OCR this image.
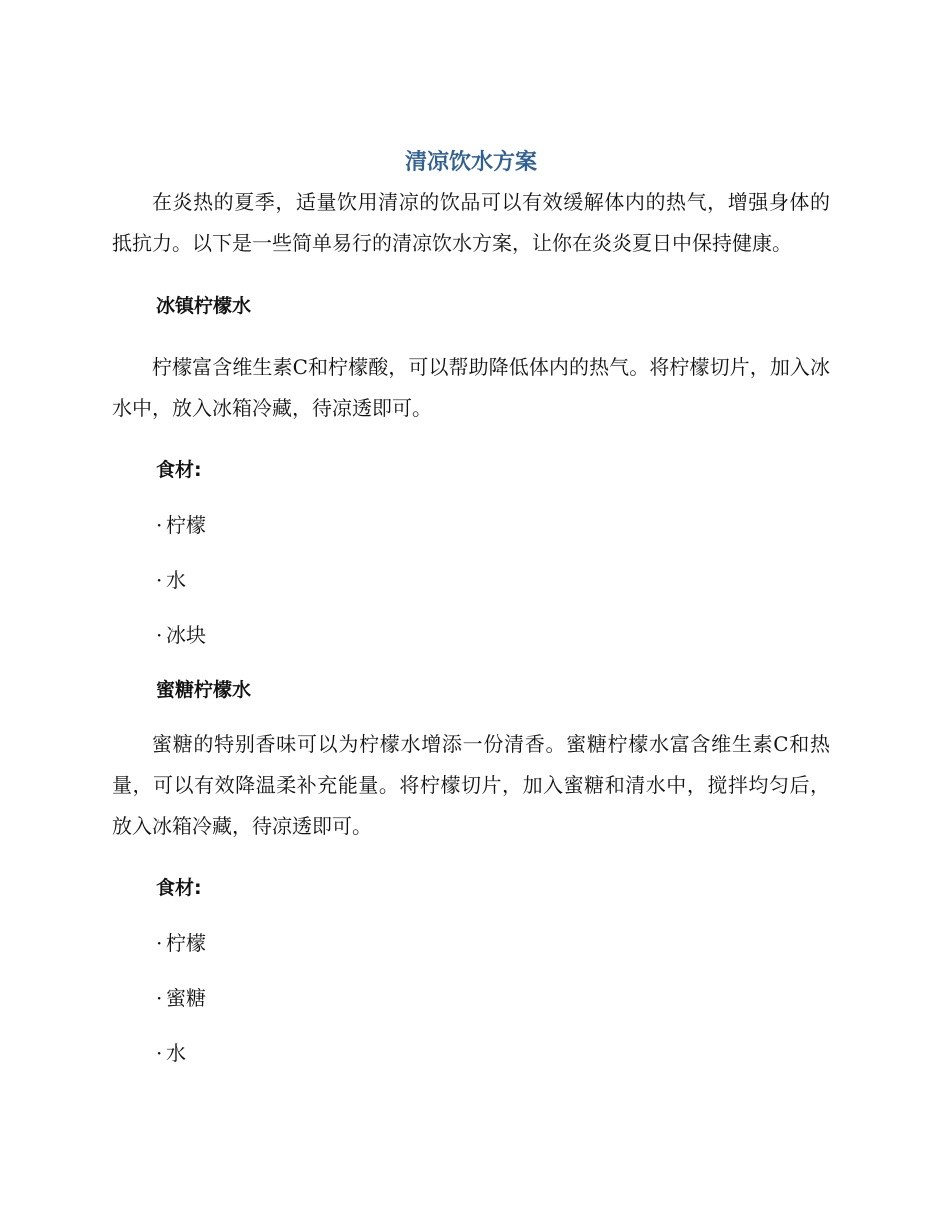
清凉饮水方案

在炎热的夏季，适量饮用清凉的饮品可以有效缓解体内的热气，增强身体的抵抗力。以下是一些简单易行的清凉饮水方案，让你在炎炎夏日中保持健康。

冰镇柠檬水

柠檬富含维生素C和柠檬酸，可以帮助降低体内的热气。将柠檬切片，加入冰水中，放入冰箱冷藏，待凉透即可。

食材:

· 柠檬

· 水

· 冰块

蜜糖柠檬水

蜜糖的特别香味可以为柠檬水增添一份清香。蜜糖柠檬水富含维生素C和热量，可以有效降温柔补充能量。将柠檬切片，加入蜜糖和清水中，搅拌均匀后，放入冰箱冷藏，待凉透即可。

食材:

· 柠檬

· 蜜糖

· 水
